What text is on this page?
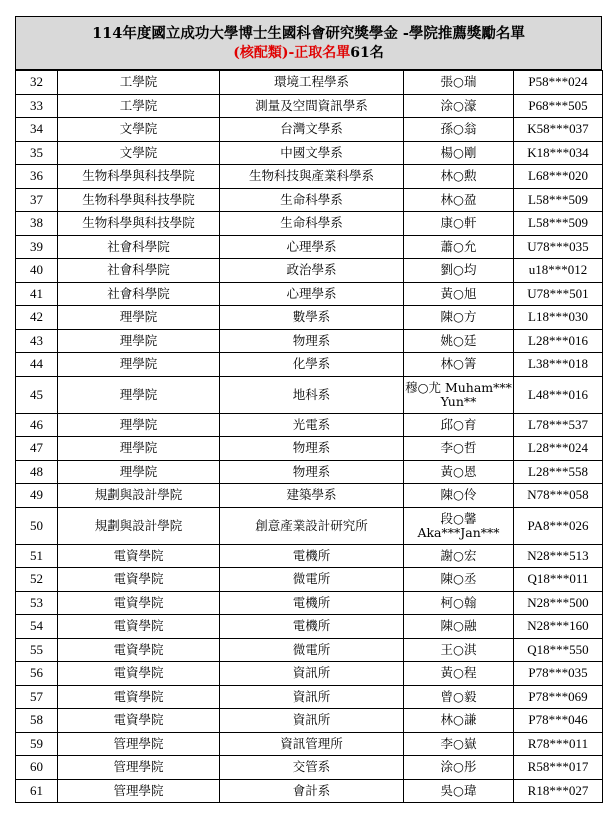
114年度國立成功大學博士生國科會研究獎學金 -學院推薦獎勵名單
(核配類)-正取名單61名
32	工學院	環境工程學系	張○瑞	P58***024
33	工學院	測量及空間資訊學系	涂○濠	P68***505
34	文學院	台灣文學系	孫○翁	K58***037
35	文學院	中國文學系	楊○剛	K18***034
36	生物科學與科技學院	生物科技與產業科學系	林○勲	L68***020
37	生物科學與科技學院	生命科學系	林○盈	L58***509
38	生物科學與科技學院	生命科學系	康○軒	L58***509
39	社會科學院	心理學系	蕭○允	U78***035
40	社會科學院	政治學系	劉○均	u18***012
41	社會科學院	心理學系	黃○旭	U78***501
42	理學院	數學系	陳○方	L18***030
43	理學院	物理系	姚○廷	L28***016
44	理學院	化學系	林○箐	L38***018
45	理學院	地科系	穆○尤 Muham*** Yun**	L48***016
46	理學院	光電系	邱○育	L78***537
47	理學院	物理系	李○哲	L28***024
48	理學院	物理系	黃○恩	L28***558
49	規劃與設計學院	建築學系	陳○伶	N78***058
50	規劃與設計學院	創意產業設計研究所	段○馨 Aka***Jan***	PA8***026
51	電資學院	電機所	謝○宏	N28***513
52	電資學院	微電所	陳○丞	Q18***011
53	電資學院	電機所	柯○翰	N28***500
54	電資學院	電機所	陳○融	N28***160
55	電資學院	微電所	王○淇	Q18***550
56	電資學院	資訊所	黃○程	P78***035
57	電資學院	資訊所	曾○毅	P78***069
58	電資學院	資訊所	林○謙	P78***046
59	管理學院	資訊管理所	李○嶽	R78***011
60	管理學院	交管系	涂○彤	R58***017
61	管理學院	會計系	吳○瑋	R18***027
